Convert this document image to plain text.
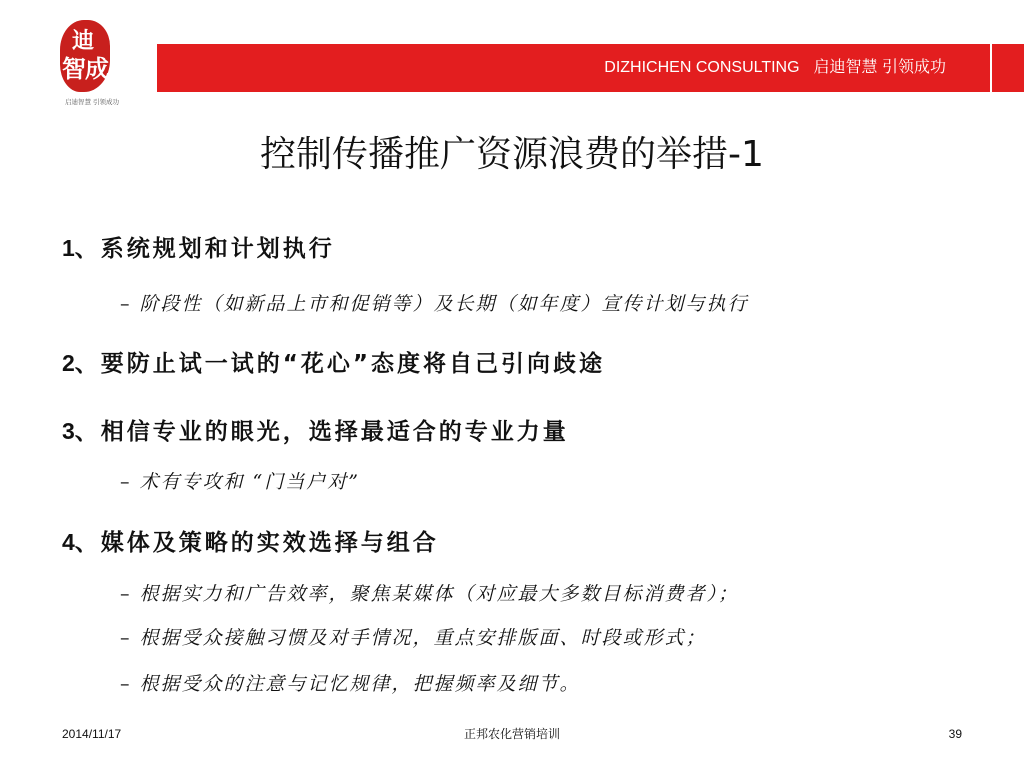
迪
智成
启迪智慧 引领成功
DIZHICHEN CONSULTING 启迪智慧 引领成功
控制传播推广资源浪费的举措-1
1、系统规划和计划执行
– 阶段性（如新品上市和促销等）及长期（如年度）宣传计划与执行
2、要防止试一试的“花心”态度将自己引向歧途
3、相信专业的眼光，选择最适合的专业力量
– 术有专攻和 “门当户对”
4、媒体及策略的实效选择与组合
– 根据实力和广告效率，聚焦某媒体（对应最大多数目标消费者）；
– 根据受众接触习惯及对手情况，重点安排版面、时段或形式；
– 根据受众的注意与记忆规律，把握频率及细节。
2014/11/17	正邦农化营销培训	39
